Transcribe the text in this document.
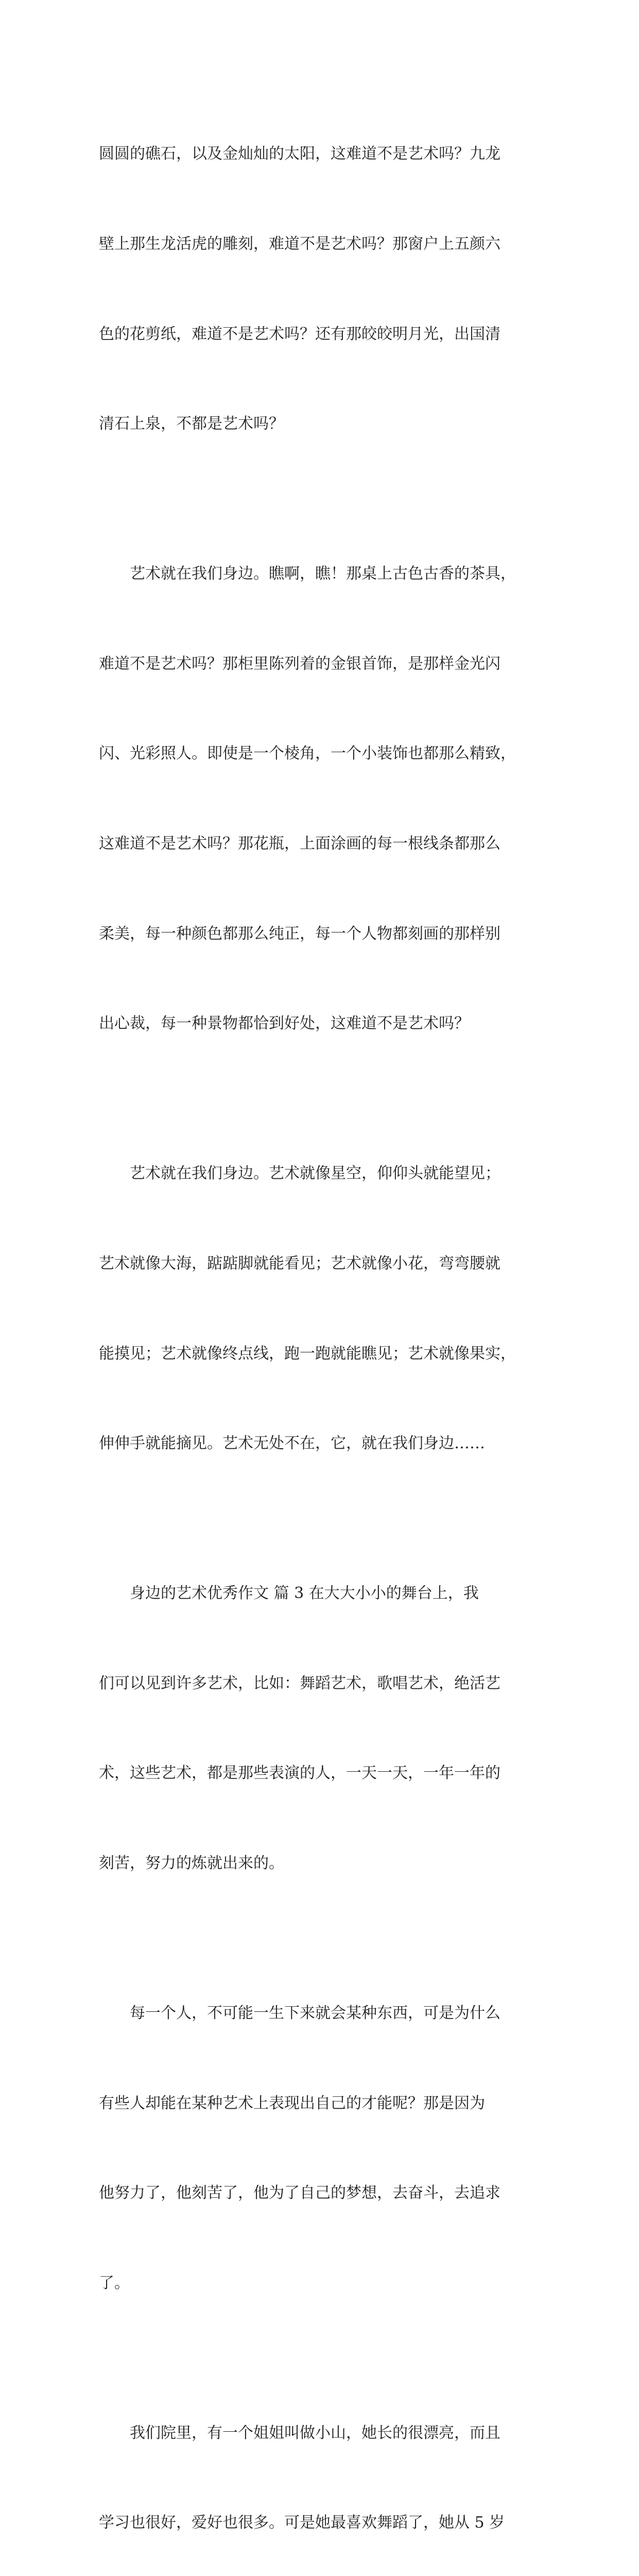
圆圆的礁石，以及金灿灿的太阳，这难道不是艺术吗？九龙

壁上那生龙活虎的雕刻，难道不是艺术吗？那窗户上五颜六

色的花剪纸，难道不是艺术吗？还有那皎皎明月光，出国清

清石上泉，不都是艺术吗？

艺术就在我们身边。瞧啊，瞧！那桌上古色古香的茶具，

难道不是艺术吗？那柜里陈列着的金银首饰，是那样金光闪

闪、光彩照人。即使是一个棱角，一个小装饰也都那么精致，

这难道不是艺术吗？那花瓶，上面涂画的每一根线条都那么

柔美，每一种颜色都那么纯正，每一个人物都刻画的那样别

出心裁，每一种景物都恰到好处，这难道不是艺术吗？

艺术就在我们身边。艺术就像星空，仰仰头就能望见；

艺术就像大海，踮踮脚就能看见；艺术就像小花，弯弯腰就

能摸见；艺术就像终点线，跑一跑就能瞧见；艺术就像果实，

伸伸手就能摘见。艺术无处不在，它，就在我们身边……

身边的艺术优秀作文 篇 3 在大大小小的舞台上，我

们可以见到许多艺术，比如：舞蹈艺术，歌唱艺术，绝活艺

术，这些艺术，都是那些表演的人，一天一天，一年一年的

刻苦，努力的炼就出来的。

每一个人，不可能一生下来就会某种东西，可是为什么

有些人却能在某种艺术上表现出自己的才能呢？那是因为

他努力了，他刻苦了，他为了自己的梦想，去奋斗，去追求

了。

我们院里，有一个姐姐叫做小山，她长的很漂亮，而且

学习也很好，爱好也很多。可是她最喜欢舞蹈了，她从 5 岁
